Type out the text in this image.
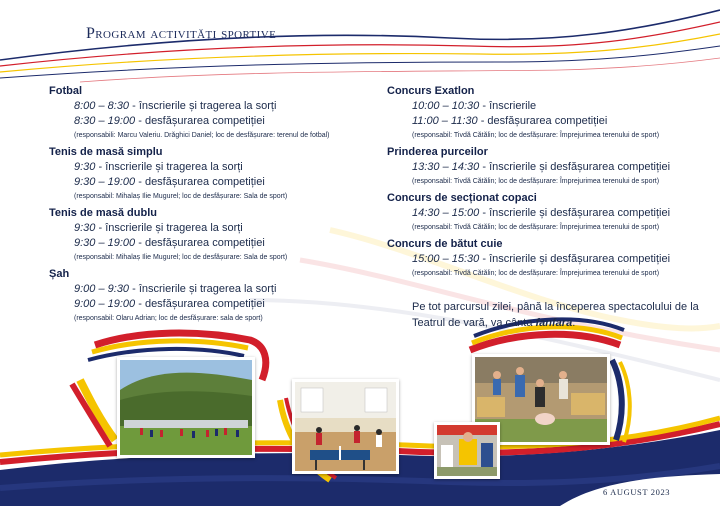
Program activități sportive
Fotbal
8:00 – 8:30 - înscrierile și tragerea la sorți
8:30 – 19:00 - desfășurarea competiției
(responsabili: Marcu Valeriu. Drăghici Daniel; loc de desfășurare: terenul de fotbal)
Tenis de masă simplu
9:30 - înscrierile și tragerea la sorți
9:30 – 19:00 - desfășurarea competiției
(responsabil: Mihalaș Ilie Mugurel; loc de desfășurare: Sala de sport)
Tenis de masă dublu
9:30 - înscrierile și tragerea la sorți
9:30 – 19:00 - desfășurarea competiției
(responsabil: Mihalaș Ilie Mugurel; loc de desfășurare: Sala de sport)
Șah
9:00 – 9:30 - înscrierile și tragerea la sorți
9:00 – 19:00 - desfășurarea competiției
(responsabil: Olaru Adrian; loc de desfășurare: sala de sport)
Concurs Exatlon
10:00 – 10:30 - înscrierile
11:00 – 11:30 - desfășurarea competiției
(responsabil: Tivdă Cătălin; loc de desfășurare: Împrejurimea terenului de sport)
Prinderea purceilor
13:30 – 14:30 - înscrierile și desfășurarea competiției
(responsabil: Tivdă Cătălin; loc de desfășurare: Împrejurimea terenului de sport)
Concurs de secționat copaci
14:30 – 15:00 - înscrierile și desfășurarea competiției
(responsabil: Tivdă Cătălin; loc de desfășurare: Împrejurimea terenului de sport)
Concurs de bătut cuie
15:00 – 15:30 - înscrierile și desfășurarea competiției
(responsabil: Tivdă Cătălin; loc de desfășurare: Împrejurimea terenului de sport)
Pe tot parcursul zilei, până la începerea spectacolului de la Teatrul de vară, va cânta fanfara.
6 AUGUST 2023
